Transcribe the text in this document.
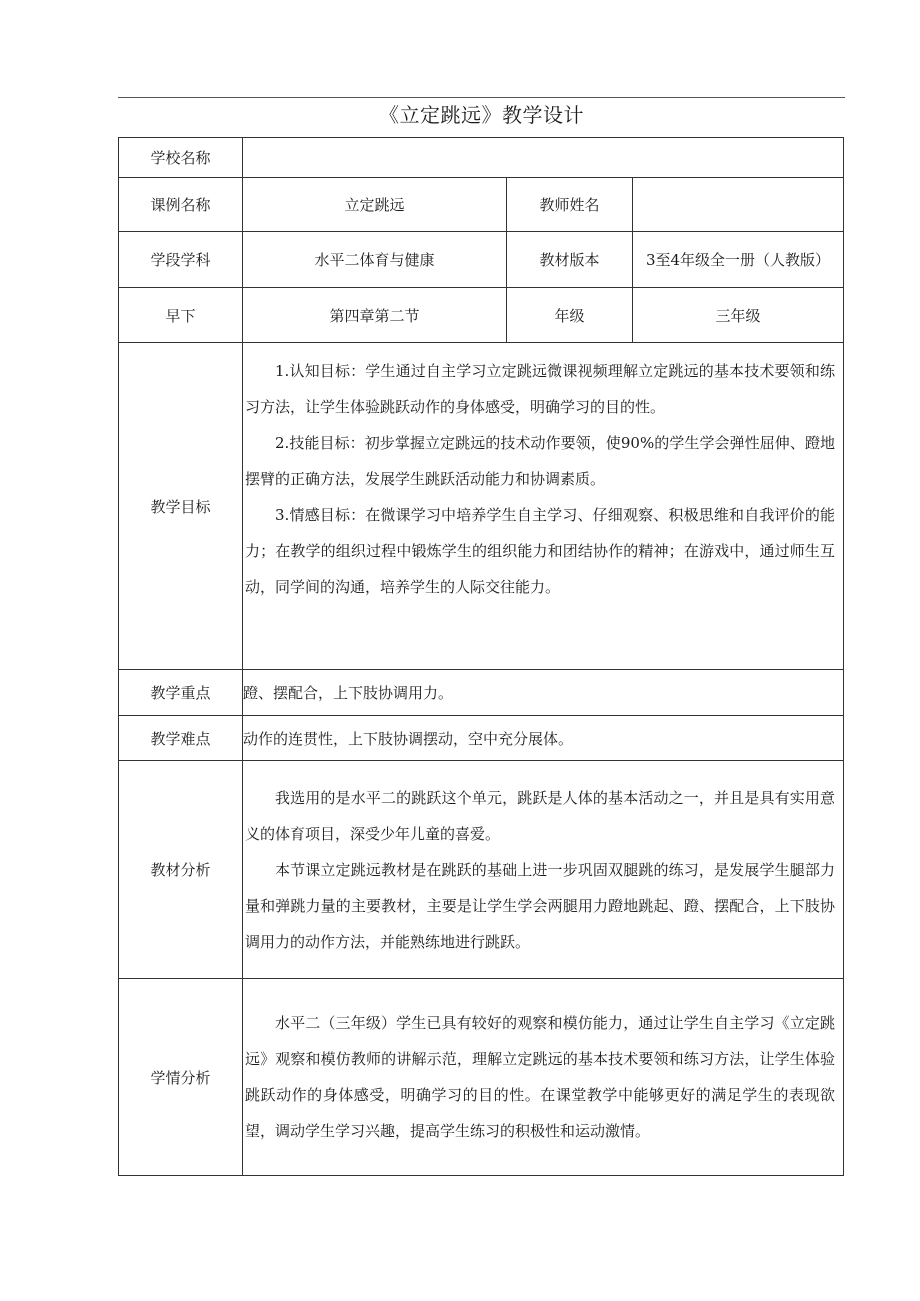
《立定跳远》教学设计
学校名称			
课例名称	立定跳远	教师姓名	
学段学科	水平二体育与健康	教材版本	3至4年级全一册（人教版）
早下	第四章第二节	年级	三年级
教学目标	1.认知目标：学生通过自主学习立定跳远微课视频理解立定跳远的基本技术要领和练习方法，让学生体验跳跃动作的身体感受，明确学习的目的性。

2.技能目标：初步掌握立定跳远的技术动作要领，使90%的学生学会弹性屈伸、蹬地摆臂的正确方法，发展学生跳跃活动能力和协调素质。

3.情感目标：在微课学习中培养学生自主学习、仔细观察、积极思维和自我评价的能力；在教学的组织过程中锻炼学生的组织能力和团结协作的精神；在游戏中，通过师生互动，同学间的沟通，培养学生的人际交往能力。		

教学重点	蹬、摆配合，上下肢协调用力。		
教学难点	动作的连贯性，上下肢协调摆动，空中充分展体。		
教材分析	我选用的是水平二的跳跃这个单元，跳跃是人体的基本活动之一，并且是具有实用意义的体育项目，深受少年儿童的喜爱。

本节课立定跳远教材是在跳跃的基础上进一步巩固双腿跳的练习，是发展学生腿部力量和弹跳力量的主要教材，主要是让学生学会两腿用力蹬地跳起、蹬、摆配合，上下肢协调用力的动作方法，并能熟练地进行跳跃。		

学情分析	水平二（三年级）学生已具有较好的观察和模仿能力，通过让学生自主学习《立定跳远》观察和模仿教师的讲解示范，理解立定跳远的基本技术要领和练习方法，让学生体验跳跃动作的身体感受，明确学习的目的性。在课堂教学中能够更好的满足学生的表现欲望，调动学生学习兴趣，提高学生练习的积极性和运动激情。		
